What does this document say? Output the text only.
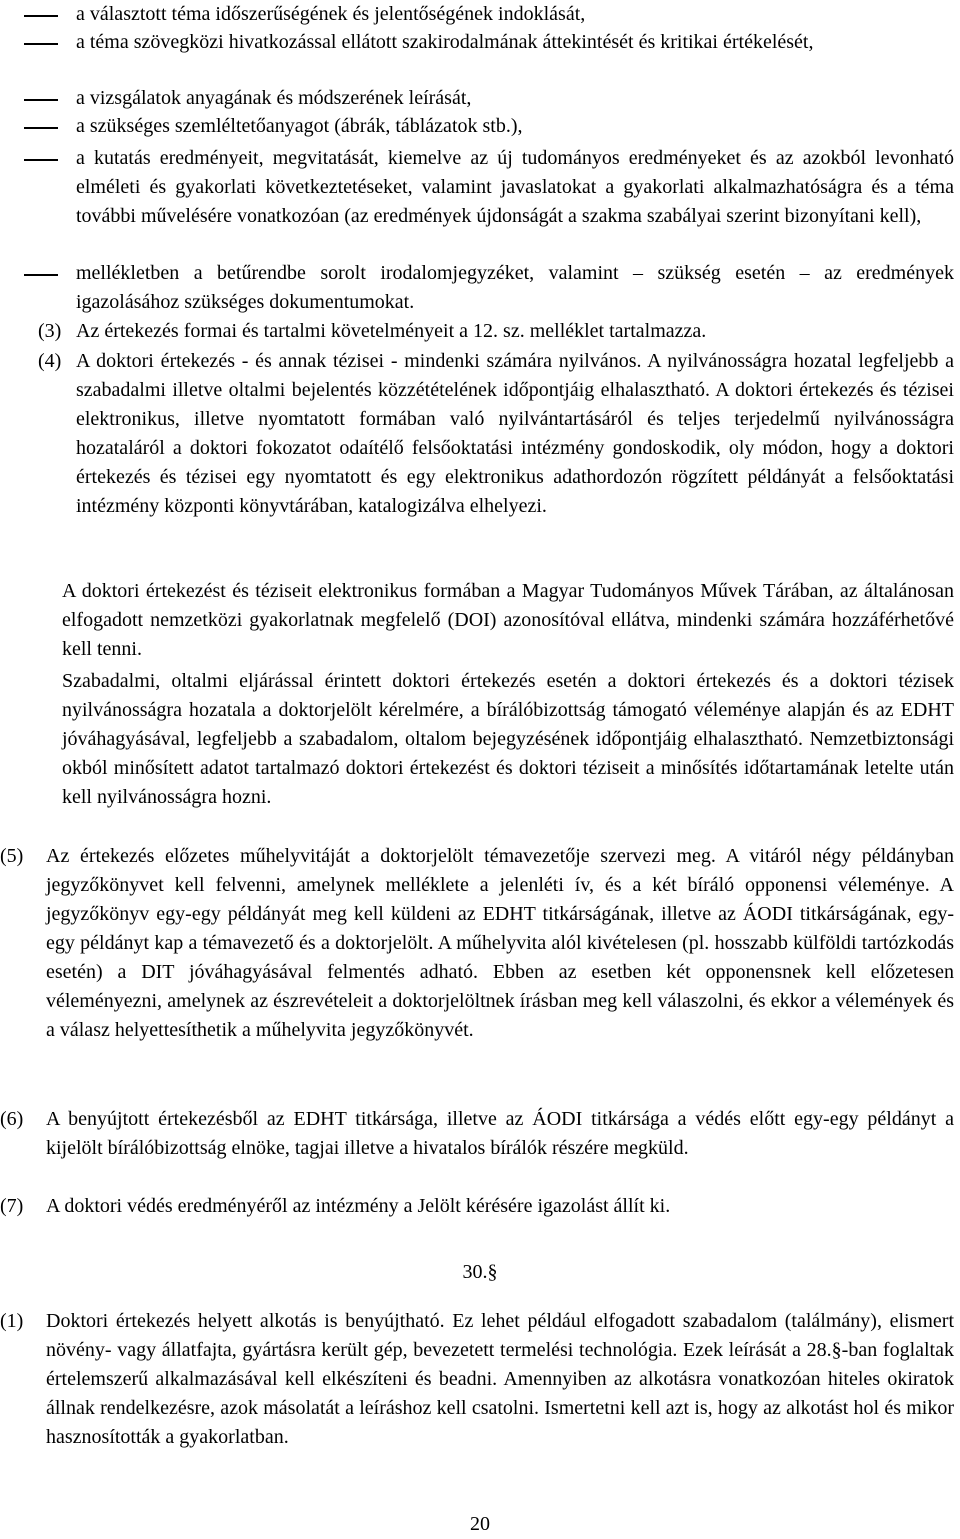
a választott téma időszerűségének és jelentőségének indoklását,

a téma szövegközi hivatkozással ellátott szakirodalmának áttekintését és kritikai értékelését,

a vizsgálatok anyagának és módszerének leírását,

a szükséges szemléltetőanyagot (ábrák, táblázatok stb.),

a kutatás eredményeit, megvitatását, kiemelve az új tudományos eredményeket és az azokból levonható elméleti és gyakorlati következtetéseket, valamint javaslatokat a gyakorlati alkalmazhatóságra és a téma további művelésére vonatkozóan (az eredmények újdonságát a szakma szabályai szerint bizonyítani kell),

mellékletben a betűrendbe sorolt irodalomjegyzéket, valamint – szükség esetén – az eredmények igazolásához szükséges dokumentumokat.

(3) Az értekezés formai és tartalmi követelményeit a 12. sz. melléklet tartalmazza.

(4) A doktori értekezés - és annak tézisei - mindenki számára nyilvános. A nyilvánosságra hozatal legfeljebb a szabadalmi illetve oltalmi bejelentés közzétételének időpontjáig elhalasztható. A doktori értekezés és tézisei elektronikus, illetve nyomtatott formában való nyilvántartásáról és teljes terjedelmű nyilvánosságra hozataláról a doktori fokozatot odaítélő felsőoktatási intézmény gondoskodik, oly módon, hogy a doktori értekezés és tézisei egy nyomtatott és egy elektronikus adathordozón rögzített példányát a felsőoktatási intézmény központi könyvtárában, katalogizálva elhelyezi.

A doktori értekezést és téziseit elektronikus formában a Magyar Tudományos Művek Tárában, az általánosan elfogadott nemzetközi gyakorlatnak megfelelő (DOI) azonosítóval ellátva, mindenki számára hozzáférhetővé kell tenni.

Szabadalmi, oltalmi eljárással érintett doktori értekezés esetén a doktori értekezés és a doktori tézisek nyilvánosságra hozatala a doktorjelölt kérelmére, a bírálóbizottság támogató véleménye alapján és az EDHT jóváhagyásával, legfeljebb a szabadalom, oltalom bejegyzésének időpontjáig elhalasztható. Nemzetbiztonsági okból minősített adatot tartalmazó doktori értekezést és doktori téziseit a minősítés időtartamának letelte után kell nyilvánosságra hozni.

(5) Az értekezés előzetes műhelyvitáját a doktorjelölt témavezetője szervezi meg. A vitáról négy példányban jegyzőkönyvet kell felvenni, amelynek melléklete a jelenléti ív, és a két bíráló opponensi véleménye. A jegyzőkönyv egy-egy példányát meg kell küldeni az EDHT titkárságának, illetve az ÁODI titkárságának, egy-egy példányt kap a témavezető és a doktorjelölt. A műhelyvita alól kivételesen (pl. hosszabb külföldi tartózkodás esetén) a DIT jóváhagyásával felmentés adható. Ebben az esetben két opponensnek kell előzetesen véleményezni, amelynek az észrevételeit a doktorjelöltnek írásban meg kell válaszolni, és ekkor a vélemények és a válasz helyettesíthetik a műhelyvita jegyzőkönyvét.

(6) A benyújtott értekezésből az EDHT titkársága, illetve az ÁODI titkársága a védés előtt egy-egy példányt a kijelölt bírálóbizottság elnöke, tagjai illetve a hivatalos bírálók részére megküld.

(7) A doktori védés eredményéről az intézmény a Jelölt kérésére igazolást állít ki.

30.§
(1) Doktori értekezés helyett alkotás is benyújtható. Ez lehet például elfogadott szabadalom (találmány), elismert növény- vagy állatfajta, gyártásra került gép, bevezetett termelési technológia. Ezek leírását a 28.§-ban foglaltak értelemszerű alkalmazásával kell elkészíteni és beadni. Amennyiben az alkotásra vonatkozóan hiteles okiratok állnak rendelkezésre, azok másolatát a leíráshoz kell csatolni. Ismertetni kell azt is, hogy az alkotást hol és mikor hasznosították a gyakorlatban.

20
